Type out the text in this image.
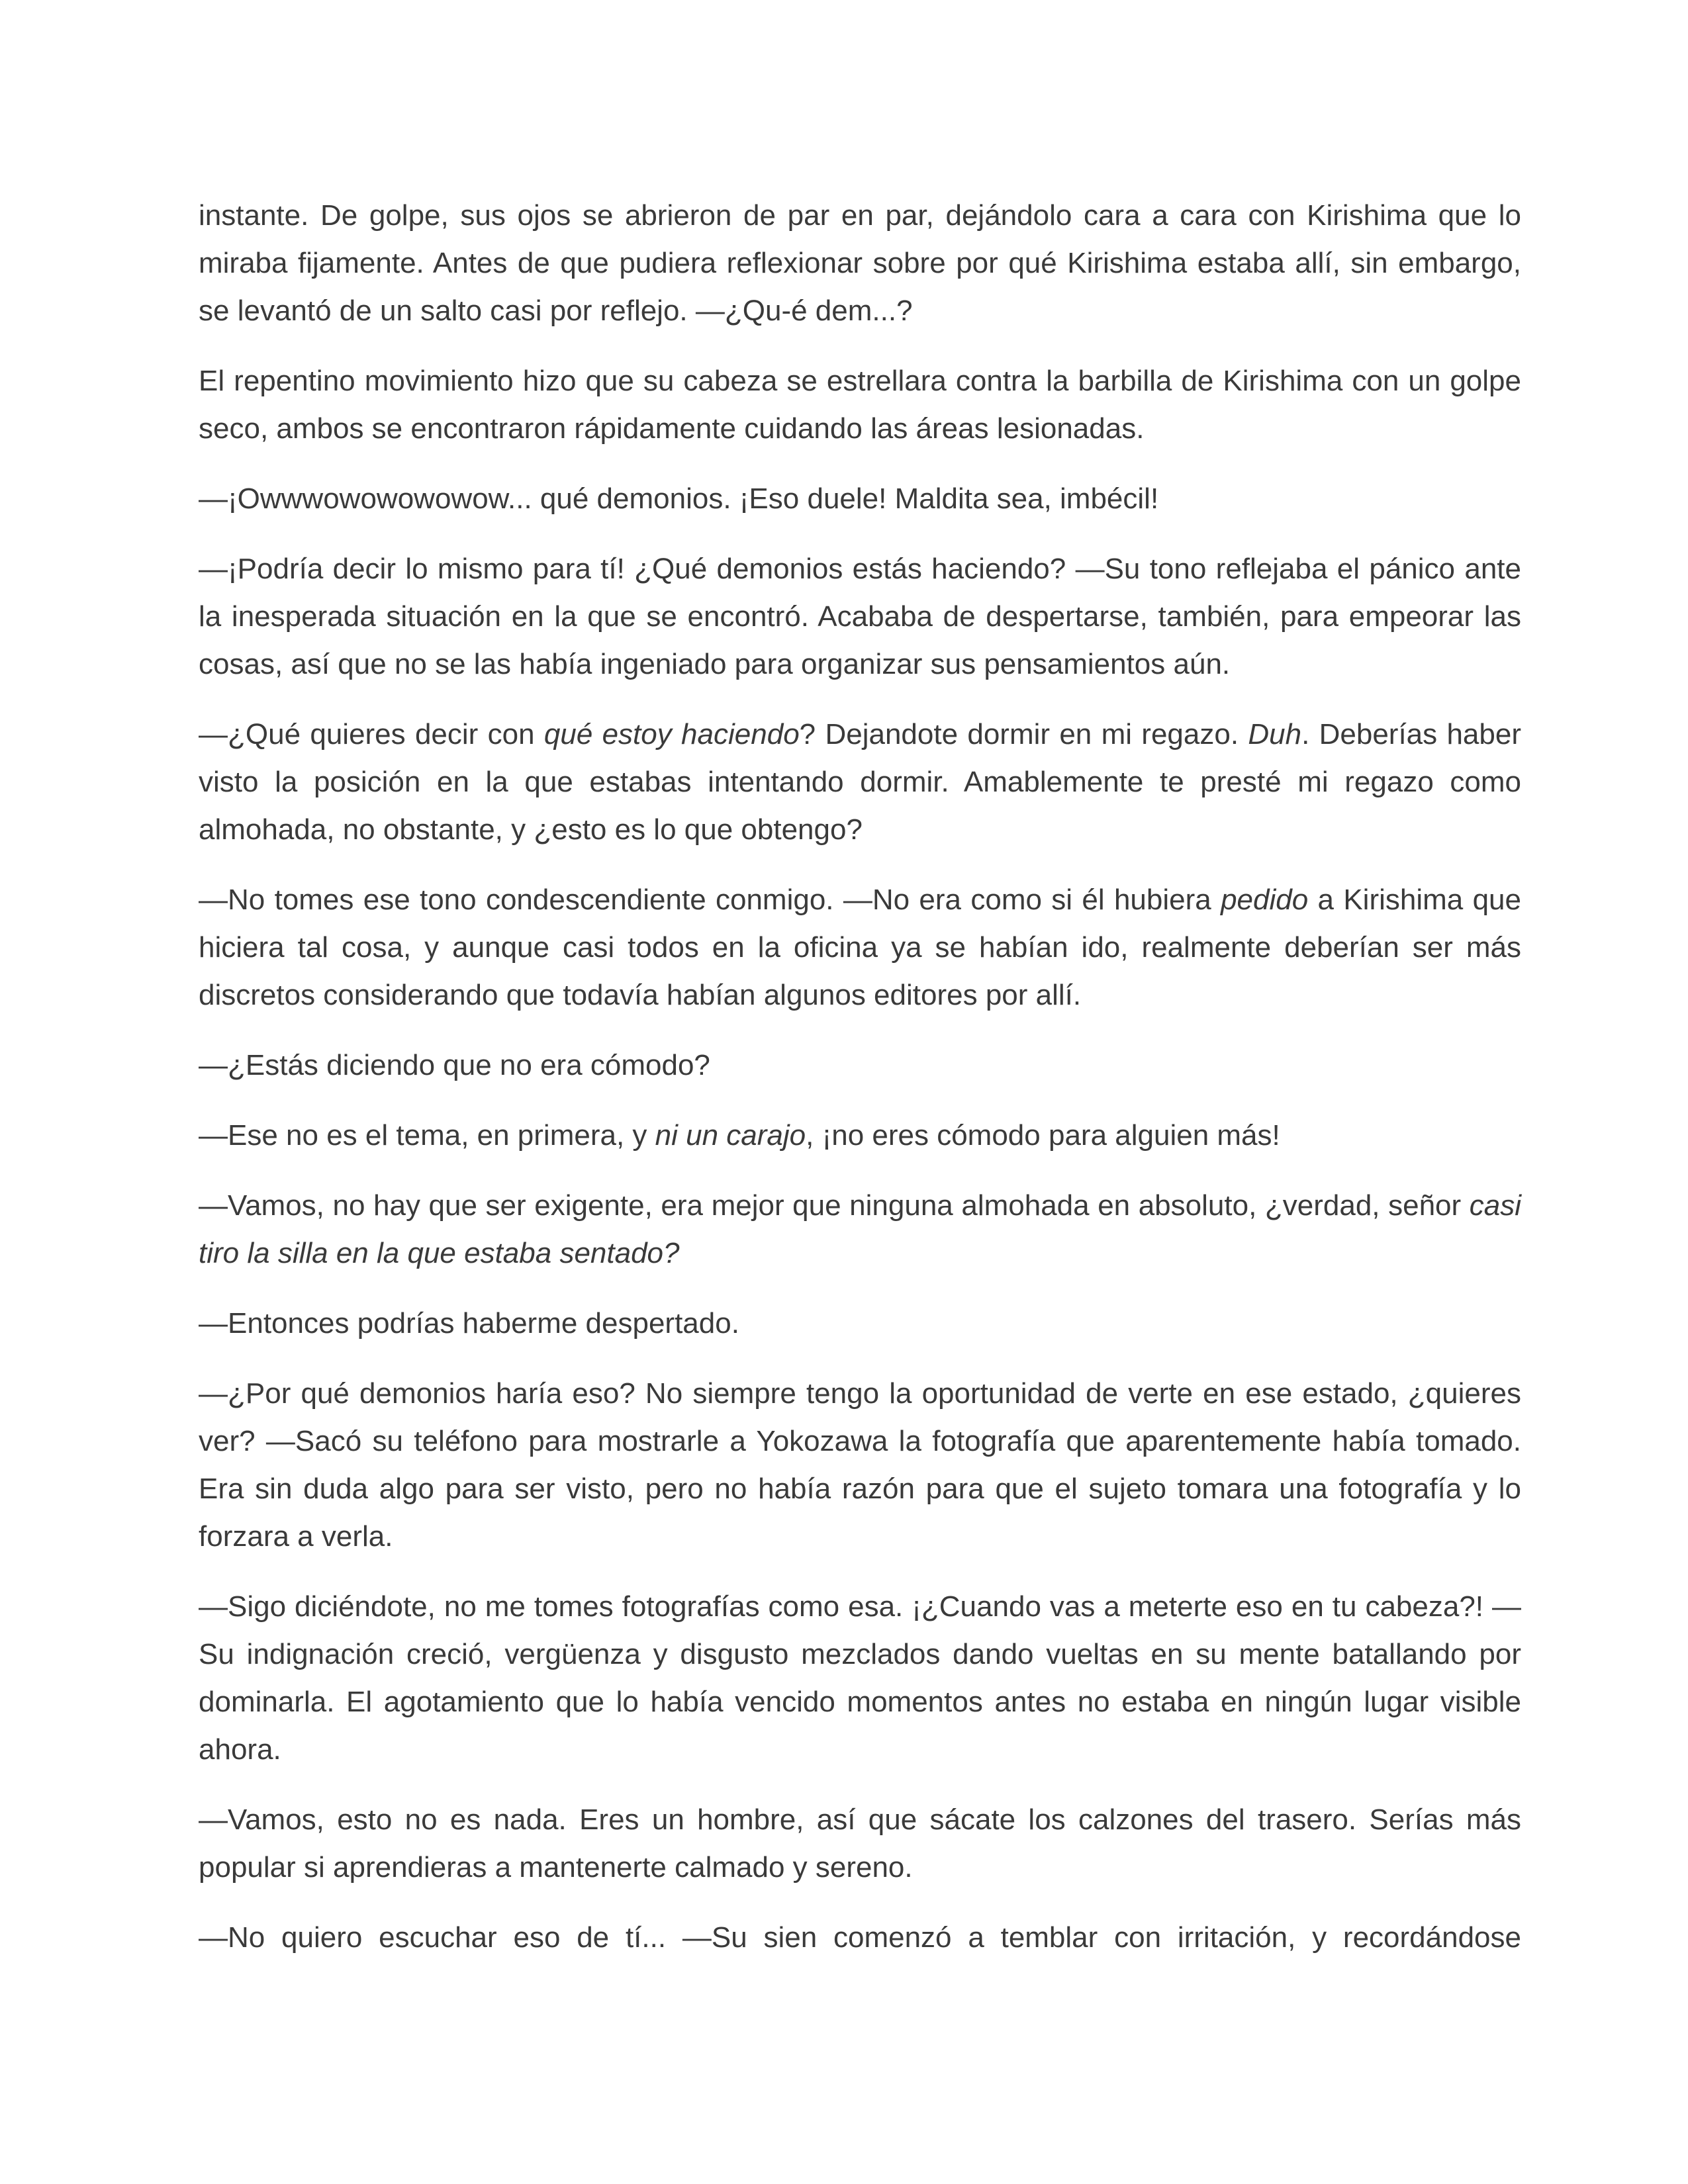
instante. De golpe, sus ojos se abrieron de par en par, dejándolo cara a cara con Kirishima que lo miraba fijamente. Antes de que pudiera reflexionar sobre por qué Kirishima estaba allí, sin embargo, se levantó de un salto casi por reflejo. —¿Qu-é dem...?

El repentino movimiento hizo que su cabeza se estrellara contra la barbilla de Kirishima con un golpe seco, ambos se encontraron rápidamente cuidando las áreas lesionadas.

—¡Owwwowowowowow... qué demonios. ¡Eso duele! Maldita sea, imbécil!

—¡Podría decir lo mismo para tí! ¿Qué demonios estás haciendo? —Su tono reflejaba el pánico ante la inesperada situación en la que se encontró. Acababa de despertarse, también, para empeorar las cosas, así que no se las había ingeniado para organizar sus pensamientos aún.

—¿Qué quieres decir con qué estoy haciendo? Dejandote dormir en mi regazo. Duh. Deberías haber visto la posición en la que estabas intentando dormir. Amablemente te presté mi regazo como almohada, no obstante, y ¿esto es lo que obtengo?

—No tomes ese tono condescendiente conmigo. —No era como si él hubiera pedido a Kirishima que hiciera tal cosa, y aunque casi todos en la oficina ya se habían ido, realmente deberían ser más discretos considerando que todavía habían algunos editores por allí.

—¿Estás diciendo que no era cómodo?

—Ese no es el tema, en primera, y ni un carajo, ¡no eres cómodo para alguien más!

—Vamos, no hay que ser exigente, era mejor que ninguna almohada en absoluto, ¿verdad, señor casi tiro la silla en la que estaba sentado?

—Entonces podrías haberme despertado.

—¿Por qué demonios haría eso? No siempre tengo la oportunidad de verte en ese estado, ¿quieres ver? —Sacó su teléfono para mostrarle a Yokozawa la fotografía que aparentemente había tomado. Era sin duda algo para ser visto, pero no había razón para que el sujeto tomara una fotografía y lo forzara a verla.

—Sigo diciéndote, no me tomes fotografías como esa. ¡¿Cuando vas a meterte eso en tu cabeza?! —Su indignación creció, vergüenza y disgusto mezclados dando vueltas en su mente batallando por dominarla. El agotamiento que lo había vencido momentos antes no estaba en ningún lugar visible ahora.

—Vamos, esto no es nada. Eres un hombre, así que sácate los calzones del trasero. Serías más popular si aprendieras a mantenerte calmado y sereno.

—No quiero escuchar eso de tí... —Su sien comenzó a temblar con irritación, y recordándose
